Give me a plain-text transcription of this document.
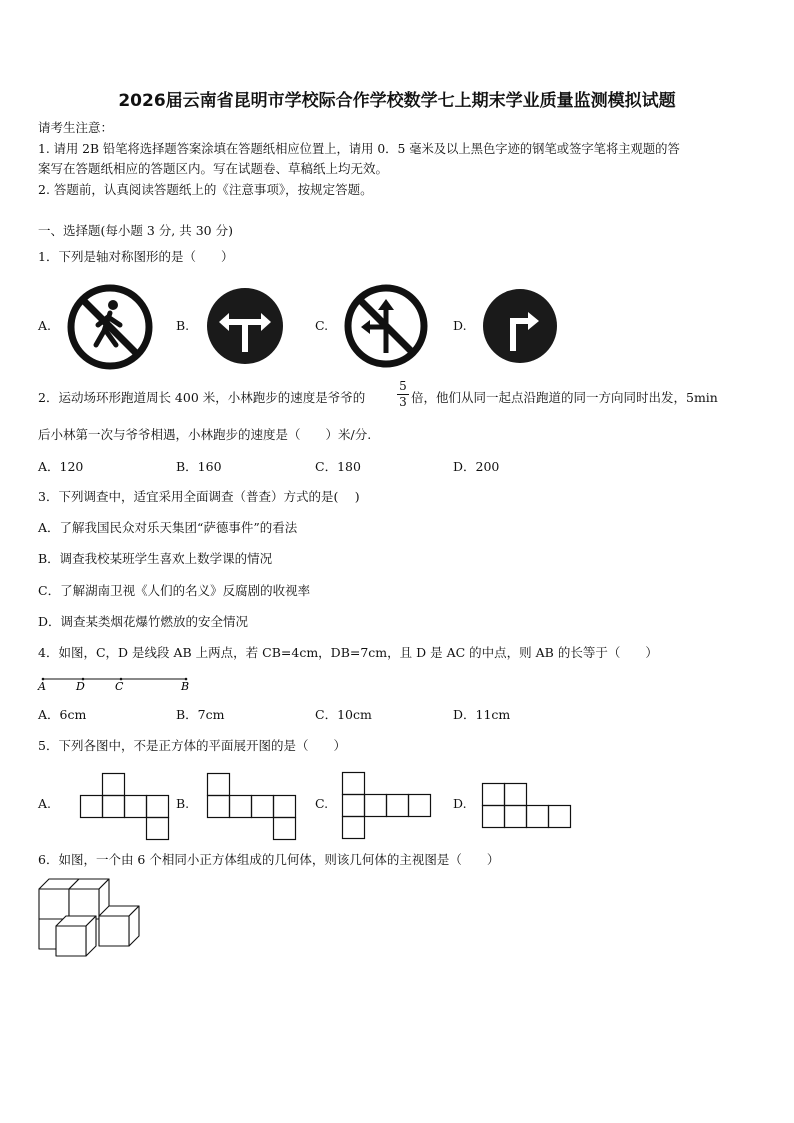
2026届云南省昆明市学校际合作学校数学七上期末学业质量监测模拟试题
请考生注意：
1. 请用 2B 铅笔将选择题答案涂填在答题纸相应位置上，请用 0．5 毫米及以上黑色字迹的钢笔或签字笔将主观题的答
案写在答题纸相应的答题区内。写在试题卷、草稿纸上均无效。
2. 答题前，认真阅读答题纸上的《注意事项》，按规定答题。
一、选择题(每小题 3 分, 共 30 分)
1．下列是轴对称图形的是（　　）
A.	B.	C.	D.
2．运动场环形跑道周长 400 米，小林跑步的速度是爷爷的
5
3 倍，他们从同一起点沿跑道的同一方向同时出发，5min
后小林第一次与爷爷相遇，小林跑步的速度是（　　）米/分.
A．120	B．160	C．180	D．200
3．下列调查中，适宜采用全面调查（普查）方式的是(　 )
A．了解我国民众对乐天集团“萨德事件”的看法
B．调查我校某班学生喜欢上数学课的情况
C．了解湖南卫视《人们的名义》反腐剧的收视率
D．调查某类烟花爆竹燃放的安全情况
4．如图，C，D 是线段 AB 上两点，若 CB=4cm，DB=7cm，且 D 是 AC 的中点，则 AB 的长等于（　　）
A	D	C	B
A．6cm	B．7cm	C．10cm	D．11cm
5．下列各图中，不是正方体的平面展开图的是（　　）
A.	B.	C.	D.
6．如图，一个由 6 个相同小正方体组成的几何体，则该几何体的主视图是（　　）
